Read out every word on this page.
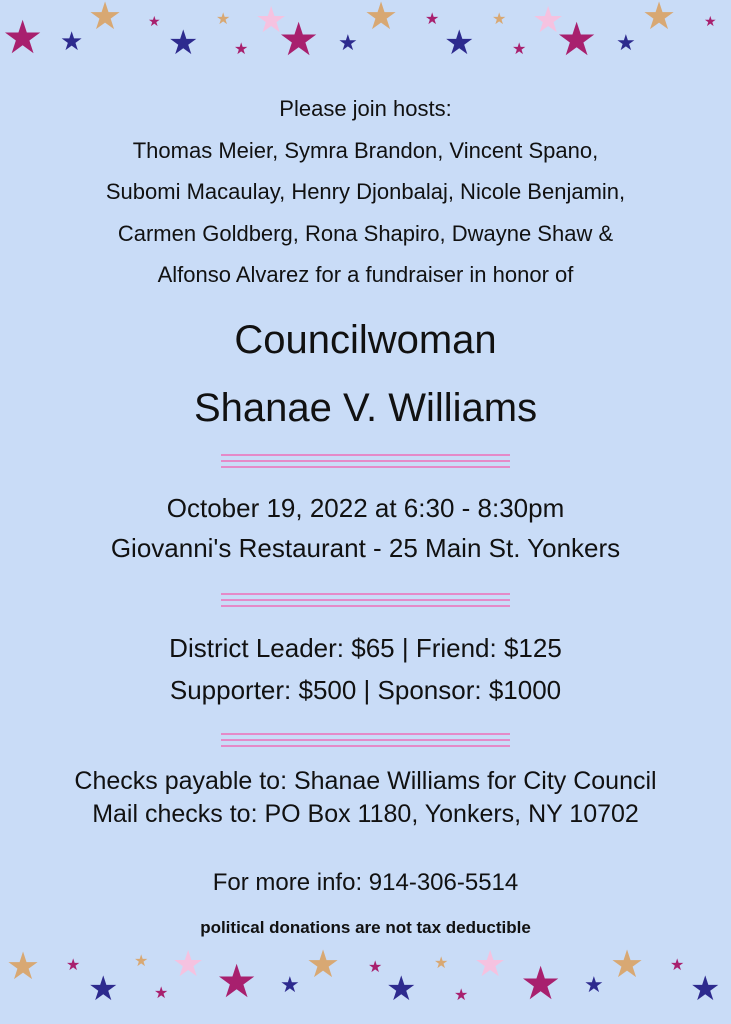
★ ★
★ ★
★
★
★
★
★ ★
★ ★
★
★
★
★
★ ★
★ ★
Please join hosts:
Thomas Meier, Symra Brandon, Vincent Spano,
Subomi Macaulay, Henry Djonbalaj, Nicole Benjamin,
Carmen Goldberg, Rona Shapiro, Dwayne Shaw &
Alfonso Alvarez for a fundraiser in honor of
Councilwoman
Shanae V. Williams
October 19, 2022 at 6:30 - 8:30pm
Giovanni's Restaurant - 25 Main St. Yonkers
District Leader: $65 | Friend: $125
Supporter: $500 | Sponsor: $1000
Checks payable to: Shanae Williams for City Council
Mail checks to: PO Box 1180, Yonkers, NY 10702
For more info: 914-306-5514
political donations are not tax deductible
★ ★
★
★
★
★ ★ ★ ★ ★
★
★
★
★ ★ ★ ★ ★
★
